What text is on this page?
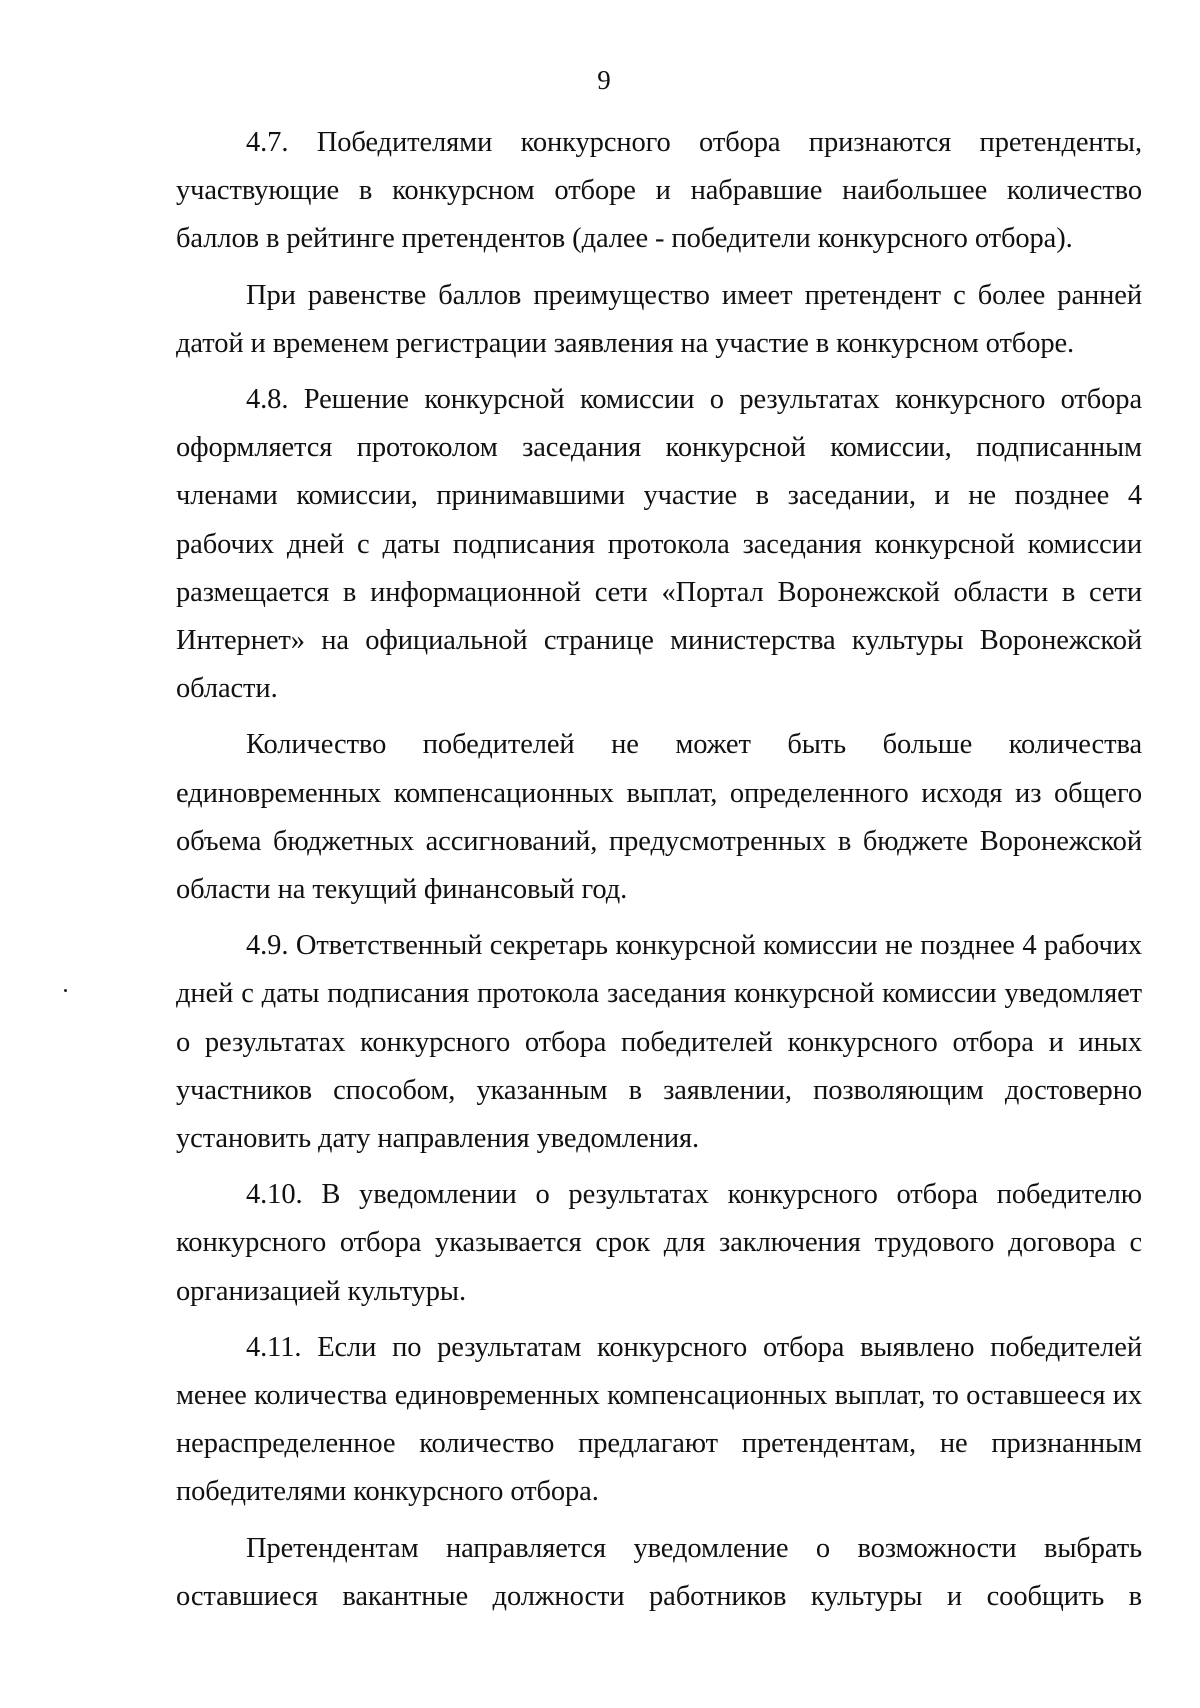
9

4.7. Победителями конкурсного отбора признаются претенденты, участвующие в конкурсном отборе и набравшие наибольшее количество баллов в рейтинге претендентов (далее - победители конкурсного отбора).

При равенстве баллов преимущество имеет претендент с более ранней датой и временем регистрации заявления на участие в конкурсном отборе.

4.8. Решение конкурсной комиссии о результатах конкурсного отбора оформляется протоколом заседания конкурсной комиссии, подписанным членами комиссии, принимавшими участие в заседании, и не позднее 4 рабочих дней с даты подписания протокола заседания конкурсной комиссии размещается в информационной сети «Портал Воронежской области в сети Интернет» на официальной странице министерства культуры Воронежской области.

Количество победителей не может быть больше количества единовременных компенсационных выплат, определенного исходя из общего объема бюджетных ассигнований, предусмотренных в бюджете Воронежской области на текущий финансовый год.

4.9. Ответственный секретарь конкурсной комиссии не позднее 4 рабочих дней с даты подписания протокола заседания конкурсной комиссии уведомляет о результатах конкурсного отбора победителей конкурсного отбора и иных участников способом, указанным в заявлении, позволяющим достоверно установить дату направления уведомления.

4.10. В уведомлении о результатах конкурсного отбора победителю конкурсного отбора указывается срок для заключения трудового договора с организацией культуры.

4.11. Если по результатам конкурсного отбора выявлено победителей менее количества единовременных компенсационных выплат, то оставшееся их нераспределенное количество предлагают претендентам, не признанным победителями конкурсного отбора.

Претендентам направляется уведомление о возможности выбрать оставшиеся вакантные должности работников культуры и сообщить в
